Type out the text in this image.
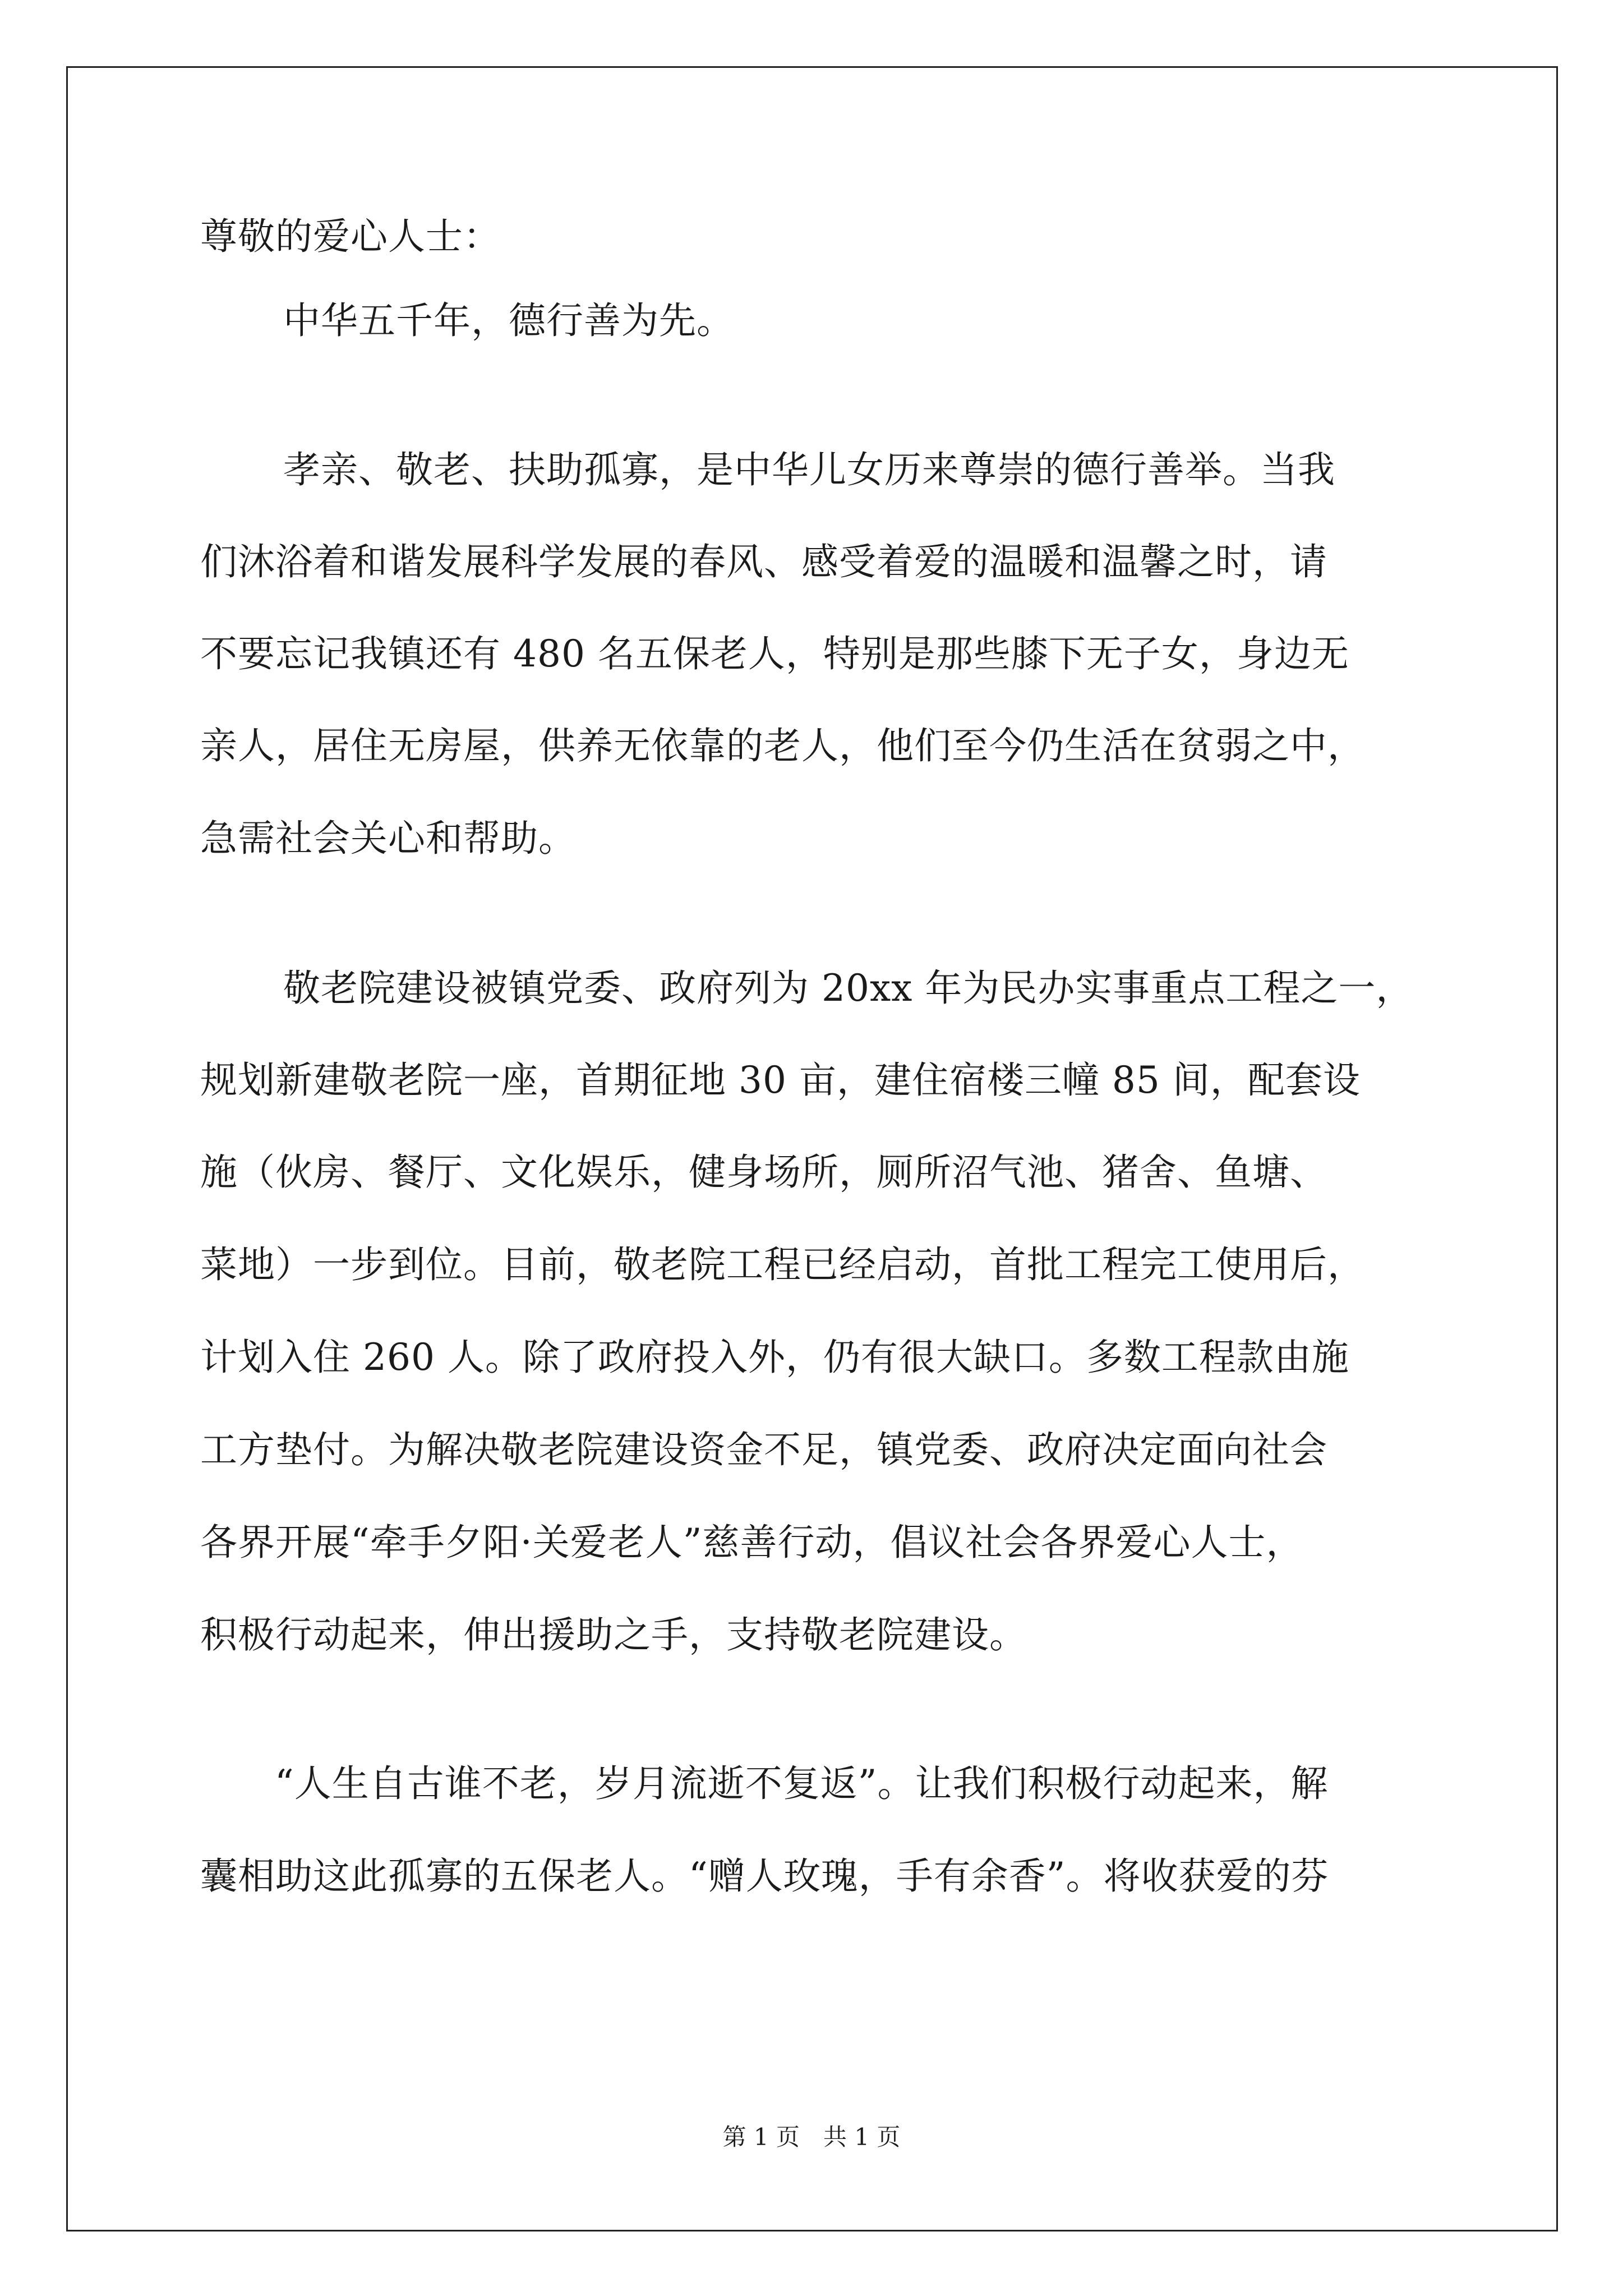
尊敬的爱心人士：
中华五千年，德行善为先。
孝亲、敬老、扶助孤寡，是中华儿女历来尊崇的德行善举。当我
们沐浴着和谐发展科学发展的春风、感受着爱的温暖和温馨之时，请
不要忘记我镇还有 480 名五保老人，特别是那些膝下无子女，身边无
亲人，居住无房屋，供养无依靠的老人，他们至今仍生活在贫弱之中，
急需社会关心和帮助。
敬老院建设被镇党委、政府列为 20xx 年为民办实事重点工程之一，
规划新建敬老院一座，首期征地 30 亩，建住宿楼三幢 85 间，配套设
施（伙房、餐厅、文化娱乐，健身场所，厕所沼气池、猪舍、鱼塘、
菜地）一步到位。目前，敬老院工程已经启动，首批工程完工使用后，
计划入住 260 人。除了政府投入外，仍有很大缺口。多数工程款由施
工方垫付。为解决敬老院建设资金不足，镇党委、政府决定面向社会
各界开展“牵手夕阳·关爱老人”慈善行动，倡议社会各界爱心人士，
积极行动起来，伸出援助之手，支持敬老院建设。
“人生自古谁不老，岁月流逝不复返”。让我们积极行动起来，解
囊相助这此孤寡的五保老人。“赠人玫瑰，手有余香”。将收获爱的芬
第 1 页　共 1 页
